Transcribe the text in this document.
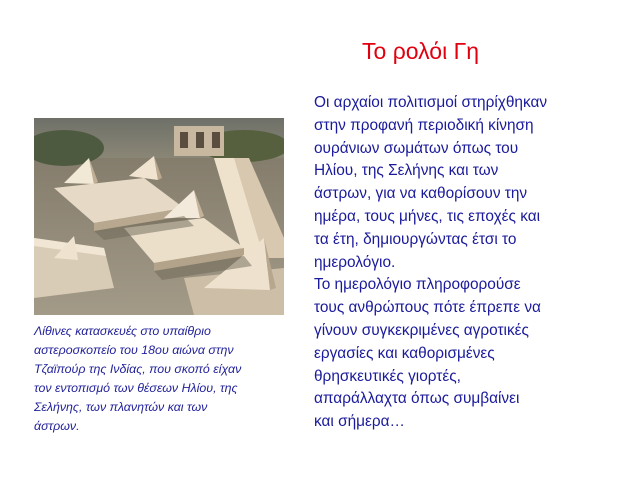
Το ρολόι Γη
Λίθινες κατασκευές στο υπαίθριο
αστεροσκοπείο του 18ου αιώνα στην
Τζαϊπούρ της Ινδίας, που σκοπό είχαν
τον εντοπισμό των θέσεων Ηλίου, της
Σελήνης, των πλανητών και των
άστρων.
Οι αρχαίοι πολιτισμοί στηρίχθηκαν
στην προφανή περιοδική κίνηση
ουράνιων σωμάτων όπως του
Ηλίου, της Σελήνης και των
άστρων, για να καθορίσουν την
ημέρα, τους μήνες, τις εποχές και
τα έτη, δημιουργώντας έτσι το
ημερολόγιο.
Το ημερολόγιο πληροφορούσε
τους ανθρώπους πότε έπρεπε να
γίνουν συγκεκριμένες αγροτικές
εργασίες και καθορισμένες
θρησκευτικές γιορτές,
απαράλλαχτα όπως συμβαίνει
και σήμερα…
